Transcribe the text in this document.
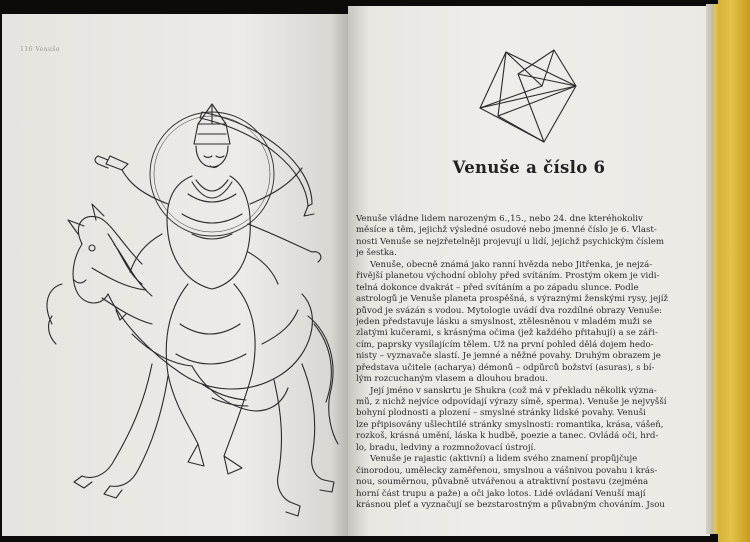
116 Venuše
Venuše a číslo 6
Venuše vládne lidem narozeným 6.,15., nebo 24. dne kteréhokoliv
měsíce a těm, jejichž výsledné osudové nebo jmenné číslo je 6. Vlast-
nosti Venuše se nejzřetelněji projevují u lidí, jejichž psychickým číslem
je šestka.
Venuše, obecně známá jako ranní hvězda nebo Jitřenka, je nejzá-
řivější planetou východní oblohy před svítáním. Prostým okem je vidi-
telná dokonce dvakrát – před svítáním a po západu slunce. Podle
astrologů je Venuše planeta prospěšná, s výraznými ženskými rysy, jejíž
původ je svázán s vodou. Mytologie uvádí dva rozdílné obrazy Venuše:
jeden představuje lásku a smyslnost, ztělesněnou v mladém muži se
zlatými kučerami, s krásnýma očima (jež každého přitahují) a se záři-
cím, paprsky vysílajícím tělem. Už na první pohled dělá dojem hedo-
nisty – vyznavače slastí. Je jemné a něžné povahy. Druhým obrazem je
představa učitele (acharya) démonů – odpůrců božství (asuras), s bí-
lým rozcuchaným vlasem a dlouhou bradou.
Její jméno v sanskrtu je Shukra (což má v překladu několik význa-
mů, z nichž nejvíce odpovídají výrazy símě, sperma). Venuše je nejvyšší
bohyní plodnosti a plození – smyslné stránky lidské povahy. Venuši
lze připisovány ušlechtilé stránky smyslnosti: romantika, krása, vášeň,
rozkoš, krásná umění, láska k hudbě, poezie a tanec. Ovládá oči, hrd-
lo, bradu, ledviny a rozmnožovací ústrojí.
Venuše je rajastic (aktivní) a lidem svého znamení propůjčuje
činorodou, umělecky zaměřenou, smyslnou a vášnivou povahu i krás-
nou, souměrnou, půvabně utvářenou a atraktivní postavu (zejména
horní část trupu a paže) a oči jako lotos. Lidé ovládaní Venuší mají
krásnou pleť a vyznačují se bezstarostným a půvabným chováním. Jsou
